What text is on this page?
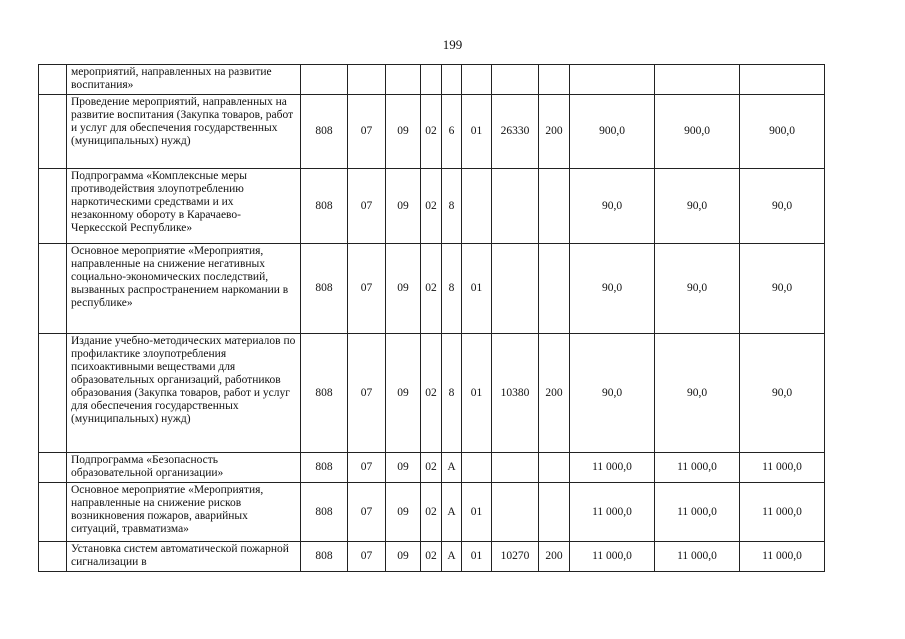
199
	мероприятий, направленных на развитие воспитания»											
	Проведение мероприятий, направленных на развитие воспитания (Закупка товаров, работ и услуг для обеспечения государственных (муниципальных) нужд)	808	07	09	02	6	01	26330	200	900,0	900,0	900,0
	Подпрограмма «Комплексные меры противодействия злоупотреблению наркотическими средствами и их незаконному обороту в Карачаево-Черкесской Республике»	808	07	09	02	8				90,0	90,0	90,0
	Основное мероприятие «Мероприятия, направленные на снижение негативных социально-экономических последствий, вызванных распространением наркомании в республике»	808	07	09	02	8	01			90,0	90,0	90,0
	Издание учебно-методических материалов по профилактике злоупотребления психоактивными веществами для образовательных организаций, работников образования (Закупка товаров, работ и услуг для обеспечения государственных (муниципальных) нужд)	808	07	09	02	8	01	10380	200	90,0	90,0	90,0
	Подпрограмма «Безопасность образовательной организации»	808	07	09	02	А				11 000,0	11 000,0	11 000,0
	Основное мероприятие «Мероприятия, направленные на снижение рисков возникновения пожаров, аварийных ситуаций, травматизма»	808	07	09	02	А	01			11 000,0	11 000,0	11 000,0
	Установка систем автоматической пожарной сигнализации в	808	07	09	02	А	01	10270	200	11 000,0	11 000,0	11 000,0
